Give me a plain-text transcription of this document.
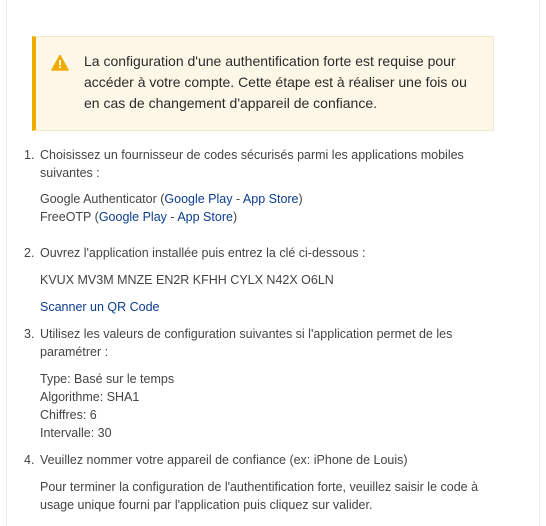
La configuration d'une authentification forte est requise pour accéder à votre compte. Cette étape est à réaliser une fois ou en cas de changement d'appareil de confiance.
1. Choisissez un fournisseur de codes sécurisés parmi les applications mobiles suivantes :
Google Authenticator (Google Play - App Store)
FreeOTP (Google Play - App Store)
2. Ouvrez l'application installée puis entrez la clé ci-dessous :
KVUX MV3M MNZE EN2R KFHH CYLX N42X O6LN
Scanner un QR Code
3. Utilisez les valeurs de configuration suivantes si l'application permet de les paramétrer :
Type: Basé sur le temps
Algorithme: SHA1
Chiffres: 6
Intervalle: 30
4. Veuillez nommer votre appareil de confiance (ex: iPhone de Louis)
Pour terminer la configuration de l'authentification forte, veuillez saisir le code à usage unique fourni par l'application puis cliquez sur valider.
